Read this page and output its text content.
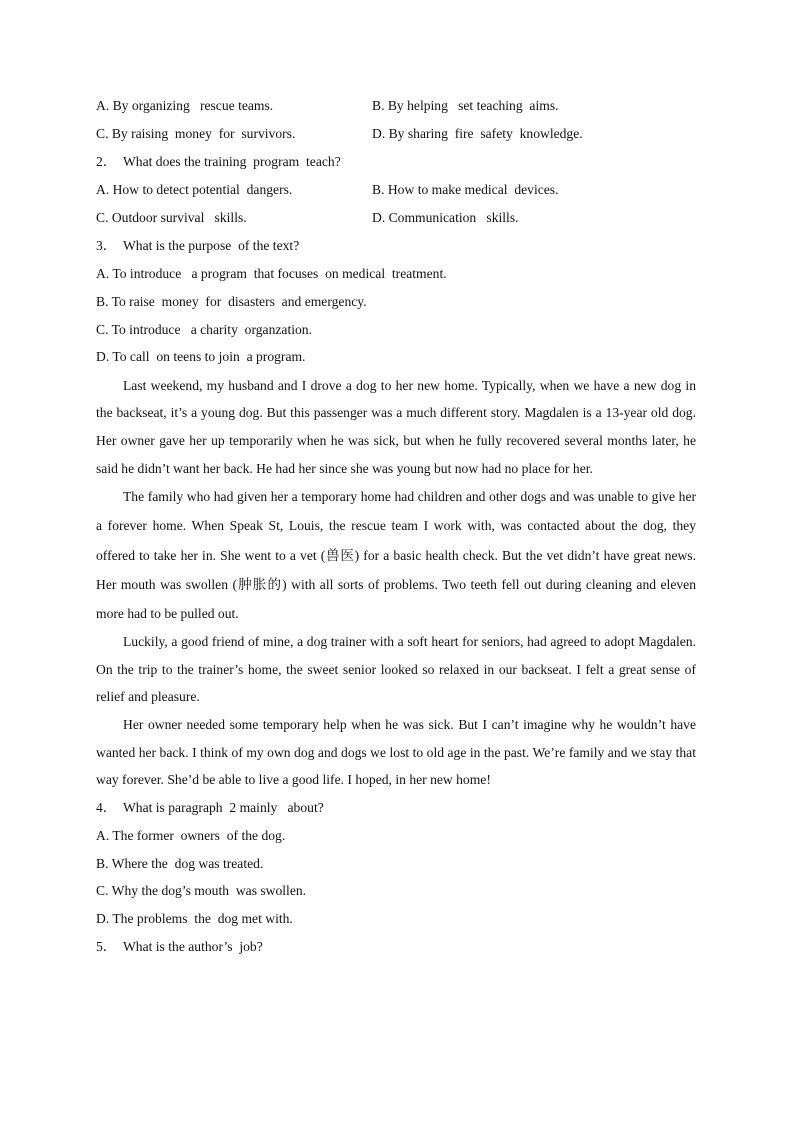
A. By organizing   rescue teams.	B. By helping   set teaching  aims.
C. By raising  money  for  survivors.	D. By sharing  fire  safety  knowledge.
2．  What does the training  program  teach?
A. How to detect potential  dangers.	B. How to make medical  devices.
C. Outdoor survival   skills.	D. Communication   skills.
3．  What is the purpose  of the text?
A. To introduce   a program  that focuses  on medical  treatment.
B. To raise  money  for  disasters  and emergency.
C. To introduce   a charity  organzation.
D. To call  on teens to join  a program.

Last weekend, my husband and I drove a dog to her new home. Typically, when we have a new dog in the backseat, it’s a young dog. But this passenger was a much different story. Magdalen is a 13-year old dog. Her owner gave her up temporarily when he was sick, but when he fully recovered several months later, he said he didn’t want her back. He had her since she was young but now had no place for her.

The family who had given her a temporary home had children and other dogs and was unable to give her a forever home. When Speak St, Louis, the rescue team I work with, was contacted about the dog, they offered to take her in. She went to a vet (兽医) for a basic health check. But the vet didn’t have great news. Her mouth was swollen (肿胀的) with all sorts of problems. Two teeth fell out during cleaning and eleven more had to be pulled out.

Luckily, a good friend of mine, a dog trainer with a soft heart for seniors, had agreed to adopt Magdalen. On the trip to the trainer’s home, the sweet senior looked so relaxed in our backseat. I felt a great sense of relief and pleasure.

Her owner needed some temporary help when he was sick. But I can’t imagine why he wouldn’t have wanted her back. I think of my own dog and dogs we lost to old age in the past. We’re family and we stay that way forever. She’d be able to live a good life. I hoped, in her new home!

4．  What is paragraph  2 mainly   about?
A. The former  owners  of the dog.
B. Where the  dog was treated.
C. Why the dog’s mouth  was swollen.
D. The problems  the  dog met with.
5．  What is the author’s  job?
